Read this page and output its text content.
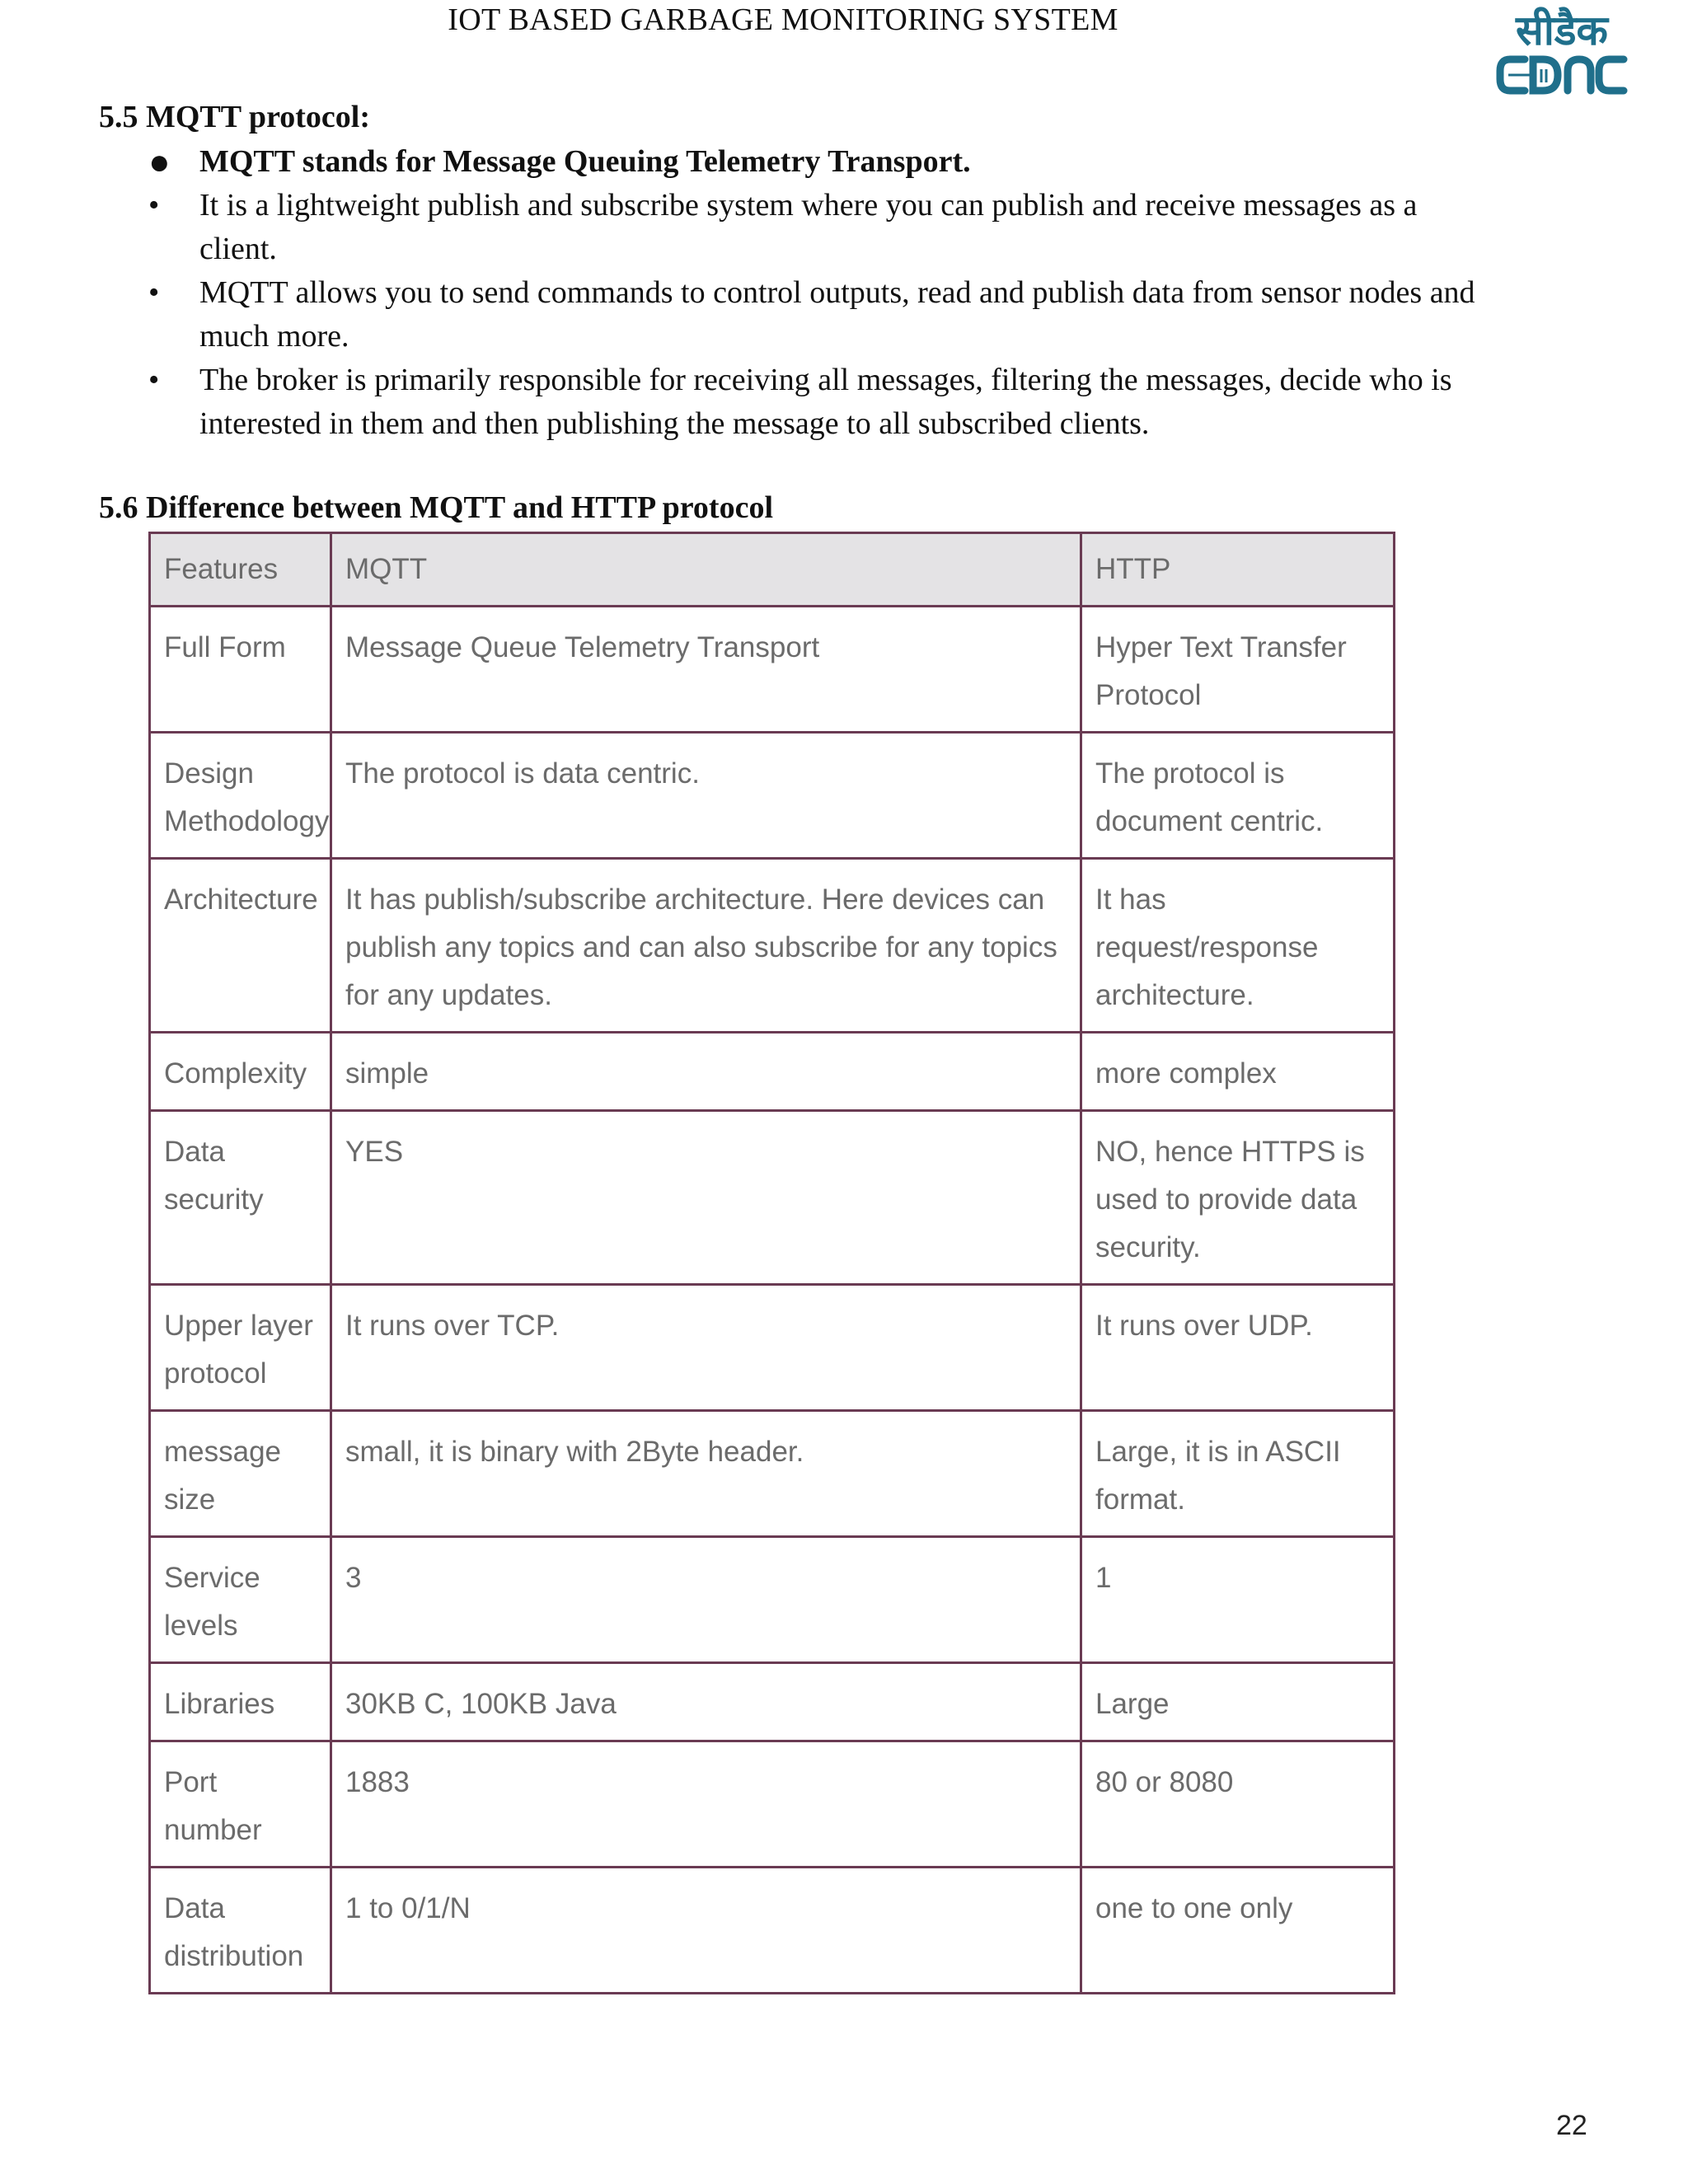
IOT BASED GARBAGE MONITORING SYSTEM	सीडैक
5.5 MQTT protocol:
● MQTT stands for Message Queuing Telemetry Transport.
•	It is a lightweight publish and subscribe system where you can publish and receive messages as a client.
•	MQTT allows you to send commands to control outputs, read and publish data from sensor nodes and much more.
•	The broker is primarily responsible for receiving all messages, filtering the messages, decide who is interested in them and then publishing the message to all subscribed clients.
5.6 Difference between MQTT and HTTP protocol
Features	MQTT	HTTP
Full Form	Message Queue Telemetry Transport	Hyper Text Transfer Protocol
Design Methodology	The protocol is data centric.	The protocol is document centric.
Architecture	It has publish/subscribe architecture. Here devices can publish any topics and can also subscribe for any topics for any updates.	It has request/response architecture.
Complexity	simple	more complex
Data security	YES	NO, hence HTTPS is used to provide data security.
Upper layer protocol	It runs over TCP.	It runs over UDP.
message size	small, it is binary with 2Byte header.	Large, it is in ASCII format.
Service levels	3	1
Libraries	30KB C, 100KB Java	Large
Port number	1883	80 or 8080
Data distribution	1 to 0/1/N	one to one only
22
